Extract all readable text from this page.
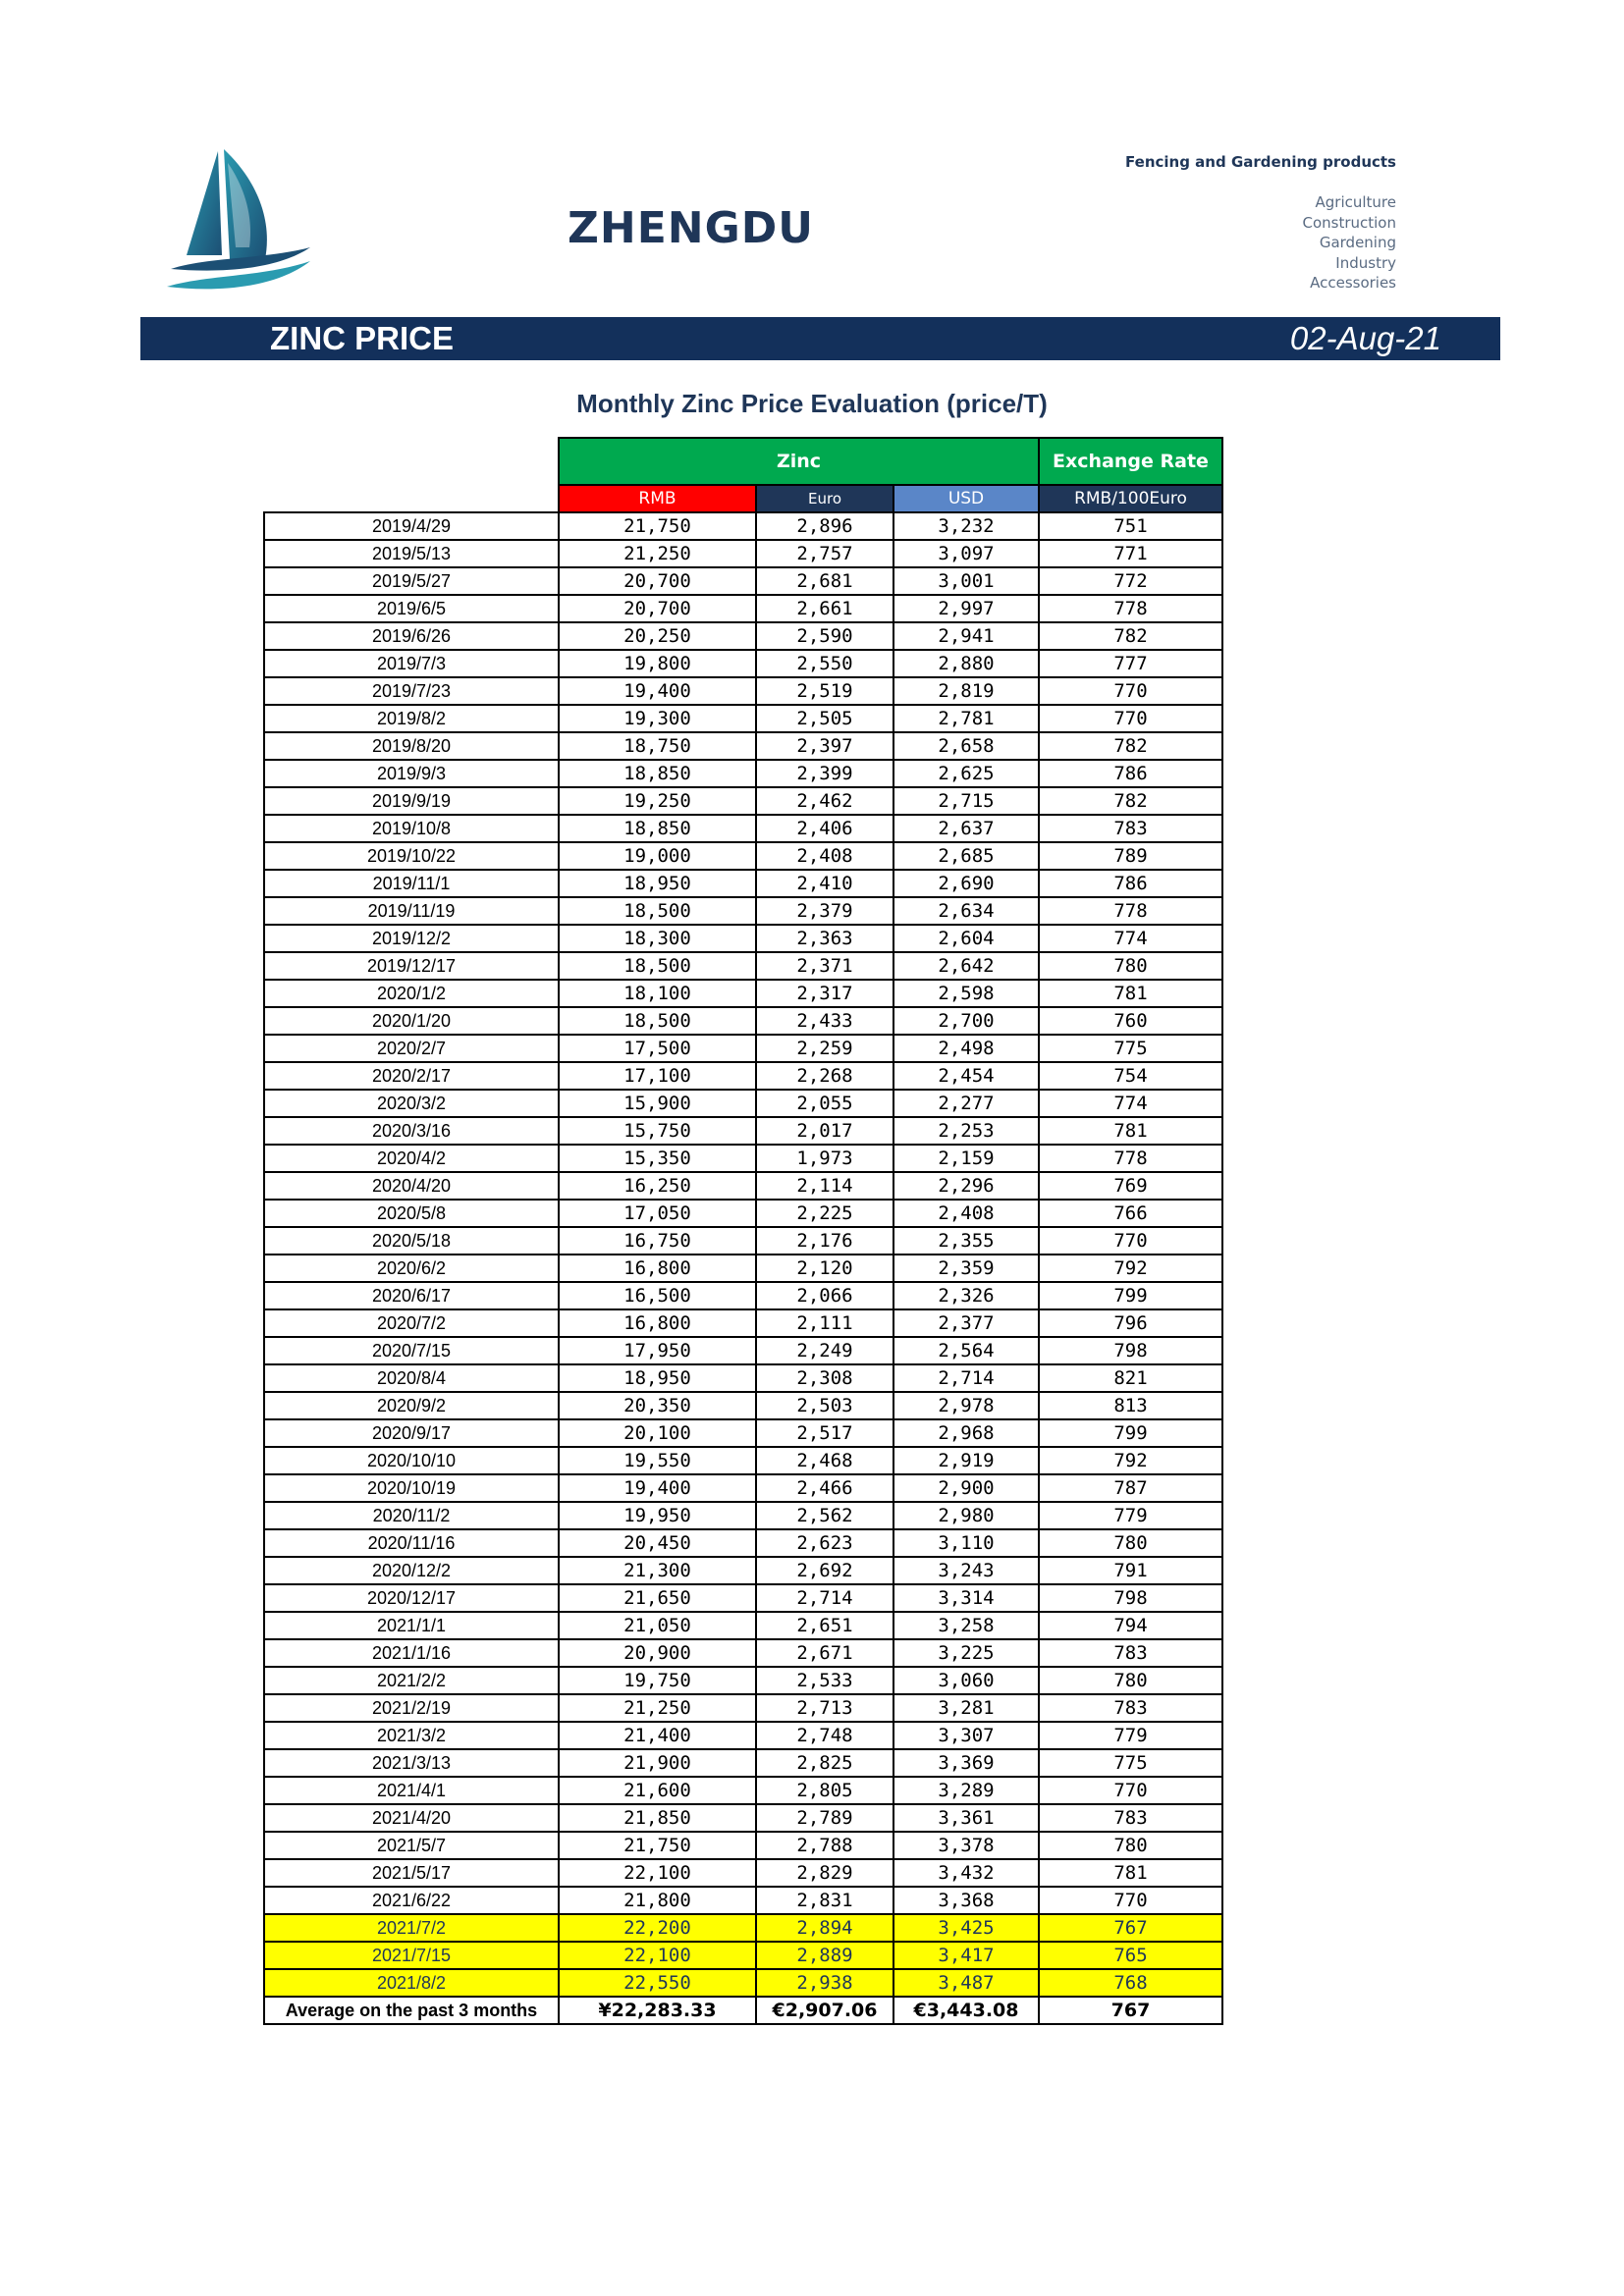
ZHENGDU
Fencing and Gardening products
Agriculture
Construction
Gardening
Industry
Accessories
ZINC PRICE	02-Aug-21
Monthly Zinc Price Evaluation (price/T)
	Zinc			Exchange Rate
	RMB	Euro	USD	RMB/100Euro
2019/4/29	21,750	2,896	3,232	751
2019/5/13	21,250	2,757	3,097	771
2019/5/27	20,700	2,681	3,001	772
2019/6/5	20,700	2,661	2,997	778
2019/6/26	20,250	2,590	2,941	782
2019/7/3	19,800	2,550	2,880	777
2019/7/23	19,400	2,519	2,819	770
2019/8/2	19,300	2,505	2,781	770
2019/8/20	18,750	2,397	2,658	782
2019/9/3	18,850	2,399	2,625	786
2019/9/19	19,250	2,462	2,715	782
2019/10/8	18,850	2,406	2,637	783
2019/10/22	19,000	2,408	2,685	789
2019/11/1	18,950	2,410	2,690	786
2019/11/19	18,500	2,379	2,634	778
2019/12/2	18,300	2,363	2,604	774
2019/12/17	18,500	2,371	2,642	780
2020/1/2	18,100	2,317	2,598	781
2020/1/20	18,500	2,433	2,700	760
2020/2/7	17,500	2,259	2,498	775
2020/2/17	17,100	2,268	2,454	754
2020/3/2	15,900	2,055	2,277	774
2020/3/16	15,750	2,017	2,253	781
2020/4/2	15,350	1,973	2,159	778
2020/4/20	16,250	2,114	2,296	769
2020/5/8	17,050	2,225	2,408	766
2020/5/18	16,750	2,176	2,355	770
2020/6/2	16,800	2,120	2,359	792
2020/6/17	16,500	2,066	2,326	799
2020/7/2	16,800	2,111	2,377	796
2020/7/15	17,950	2,249	2,564	798
2020/8/4	18,950	2,308	2,714	821
2020/9/2	20,350	2,503	2,978	813
2020/9/17	20,100	2,517	2,968	799
2020/10/10	19,550	2,468	2,919	792
2020/10/19	19,400	2,466	2,900	787
2020/11/2	19,950	2,562	2,980	779
2020/11/16	20,450	2,623	3,110	780
2020/12/2	21,300	2,692	3,243	791
2020/12/17	21,650	2,714	3,314	798
2021/1/1	21,050	2,651	3,258	794
2021/1/16	20,900	2,671	3,225	783
2021/2/2	19,750	2,533	3,060	780
2021/2/19	21,250	2,713	3,281	783
2021/3/2	21,400	2,748	3,307	779
2021/3/13	21,900	2,825	3,369	775
2021/4/1	21,600	2,805	3,289	770
2021/4/20	21,850	2,789	3,361	783
2021/5/7	21,750	2,788	3,378	780
2021/5/17	22,100	2,829	3,432	781
2021/6/22	21,800	2,831	3,368	770
2021/7/2	22,200	2,894	3,425	767
2021/7/15	22,100	2,889	3,417	765
2021/8/2	22,550	2,938	3,487	768
Average on the past 3 months	¥22,283.33	€2,907.06	€3,443.08	767
